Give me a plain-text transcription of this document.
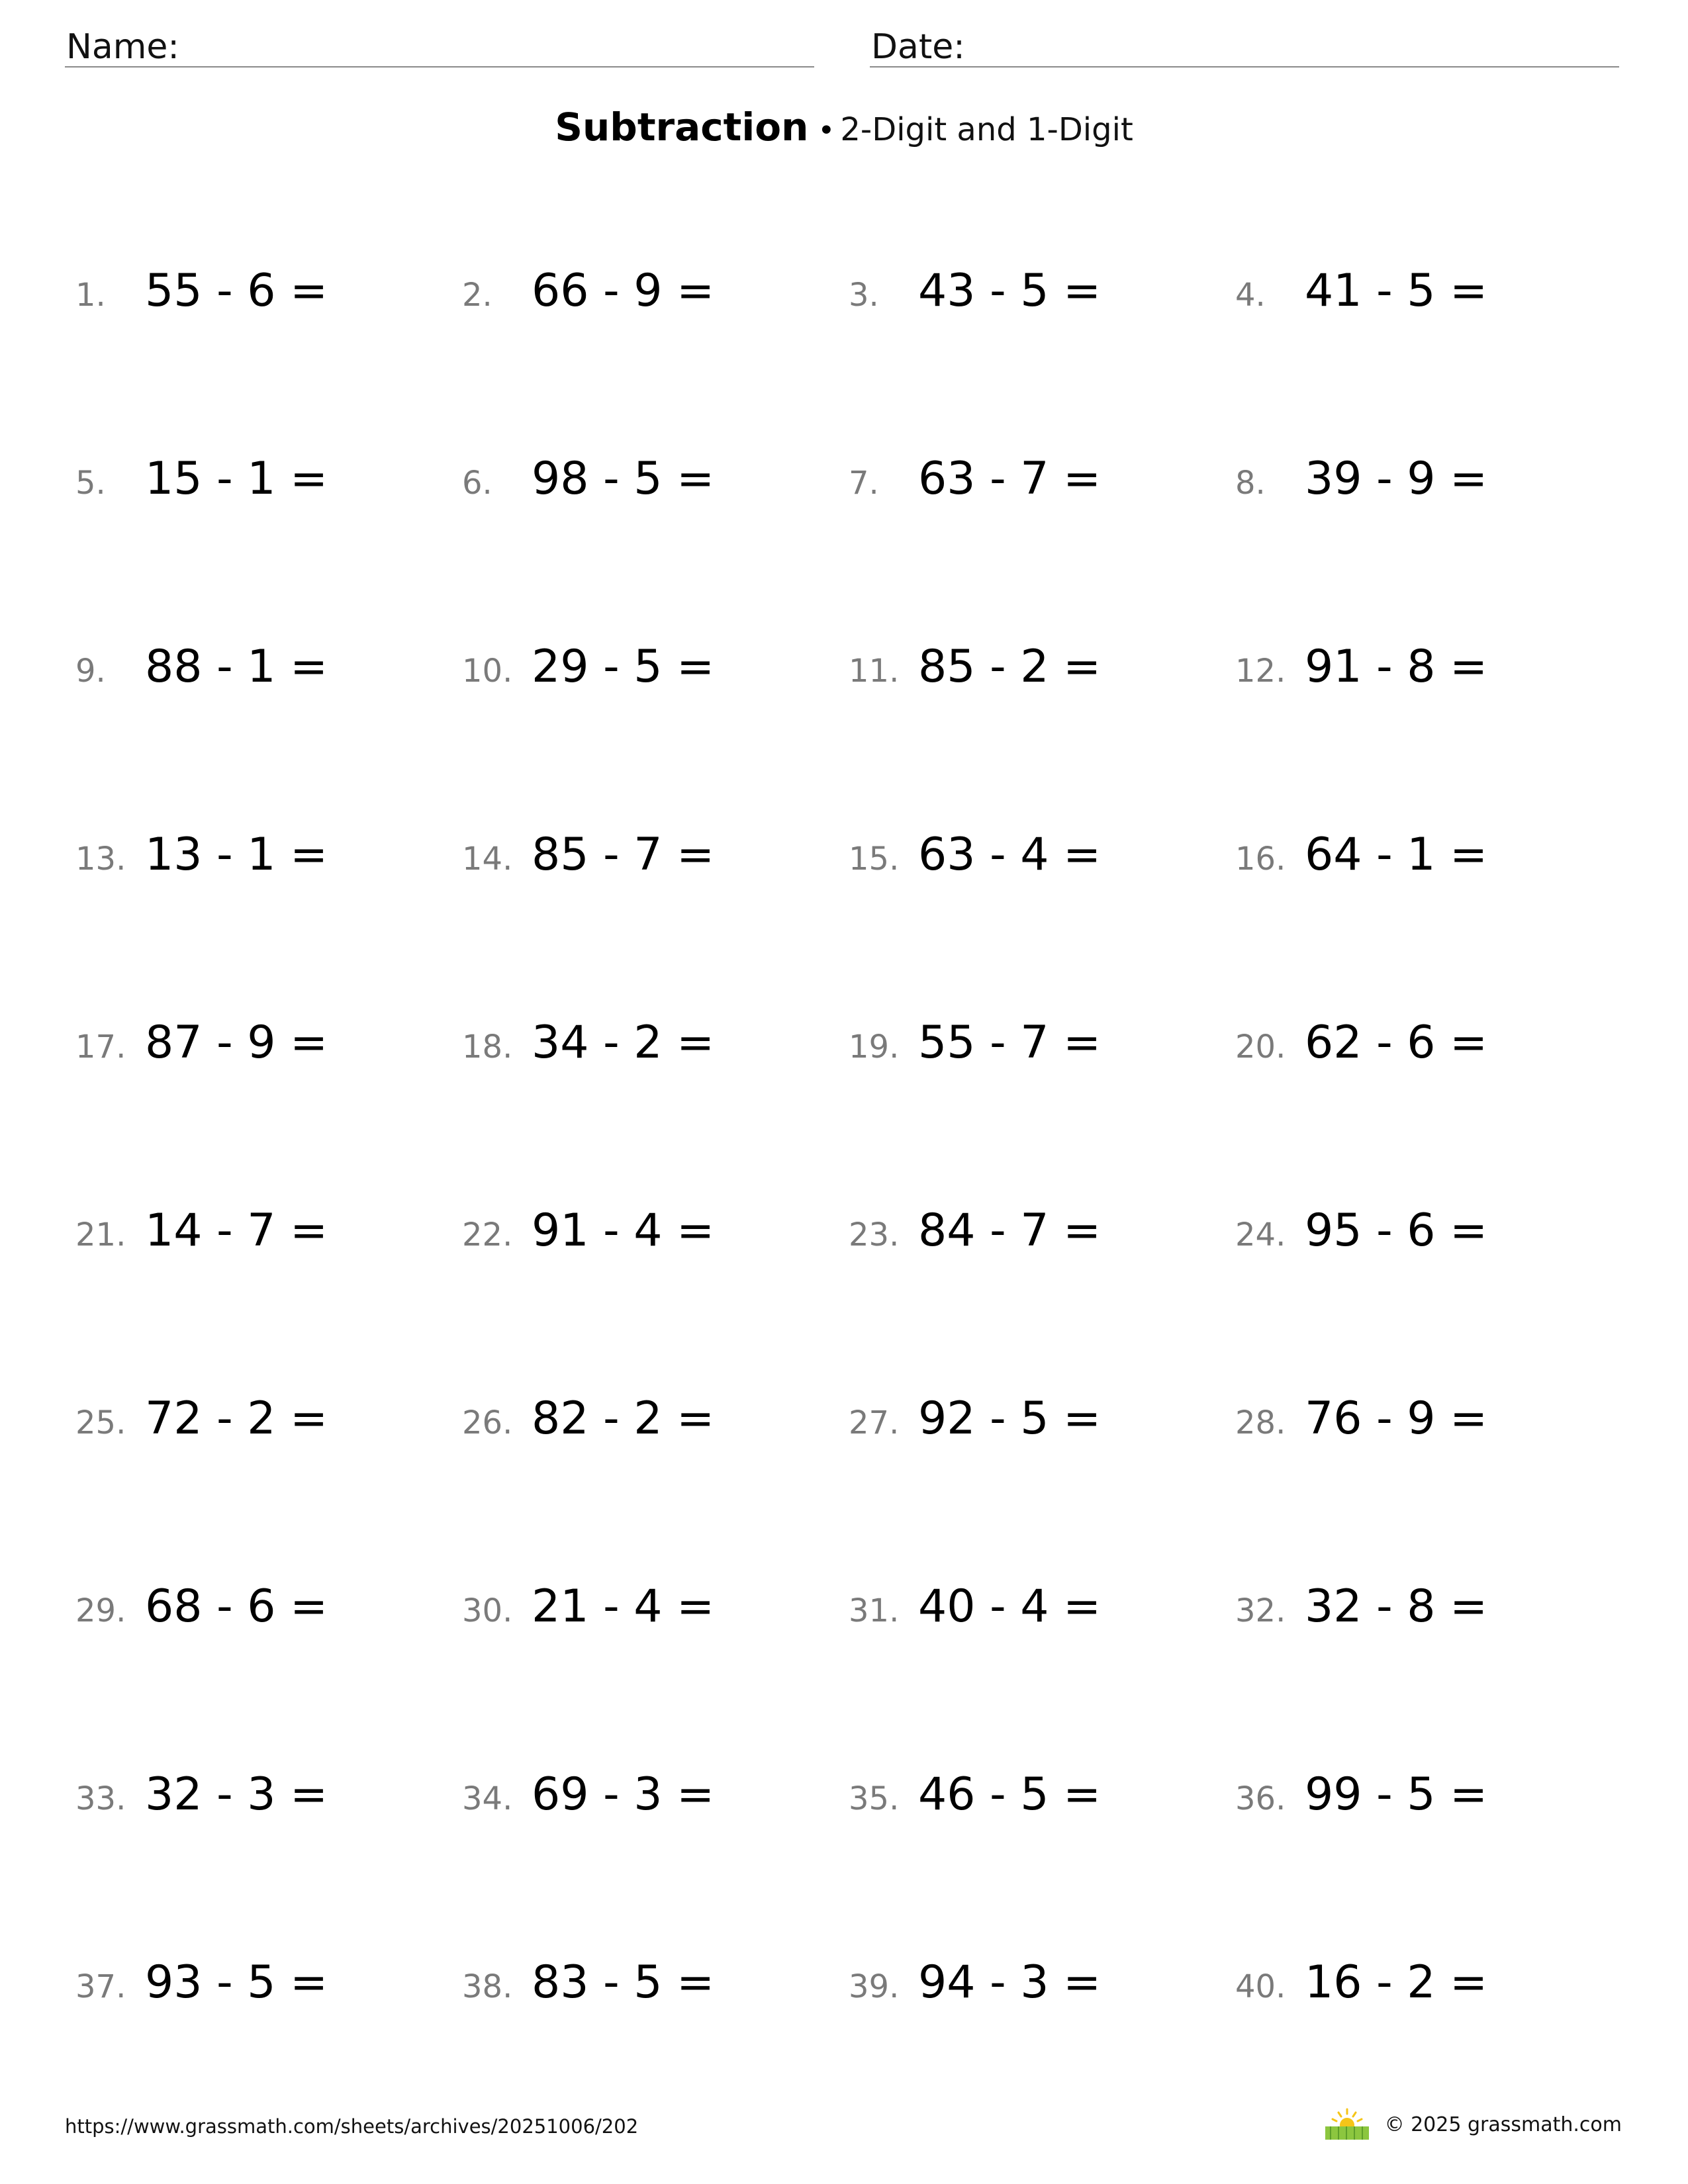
Name:	Date:
Subtraction • 2-Digit and 1-Digit
1. 55 - 6 =	2. 66 - 9 =	3. 43 - 5 =	4. 41 - 5 =
5. 15 - 1 =	6. 98 - 5 =	7. 63 - 7 =	8. 39 - 9 =
9. 88 - 1 =	10. 29 - 5 =	11. 85 - 2 =	12. 91 - 8 =
13. 13 - 1 =	14. 85 - 7 =	15. 63 - 4 =	16. 64 - 1 =
17. 87 - 9 =	18. 34 - 2 =	19. 55 - 7 =	20. 62 - 6 =
21. 14 - 7 =	22. 91 - 4 =	23. 84 - 7 =	24. 95 - 6 =
25. 72 - 2 =	26. 82 - 2 =	27. 92 - 5 =	28. 76 - 9 =
29. 68 - 6 =	30. 21 - 4 =	31. 40 - 4 =	32. 32 - 8 =
33. 32 - 3 =	34. 69 - 3 =	35. 46 - 5 =	36. 99 - 5 =
37. 93 - 5 =	38. 83 - 5 =	39. 94 - 3 =	40. 16 - 2 =
https://www.grassmath.com/sheets/archives/20251006/202	© 2025 grassmath.com
